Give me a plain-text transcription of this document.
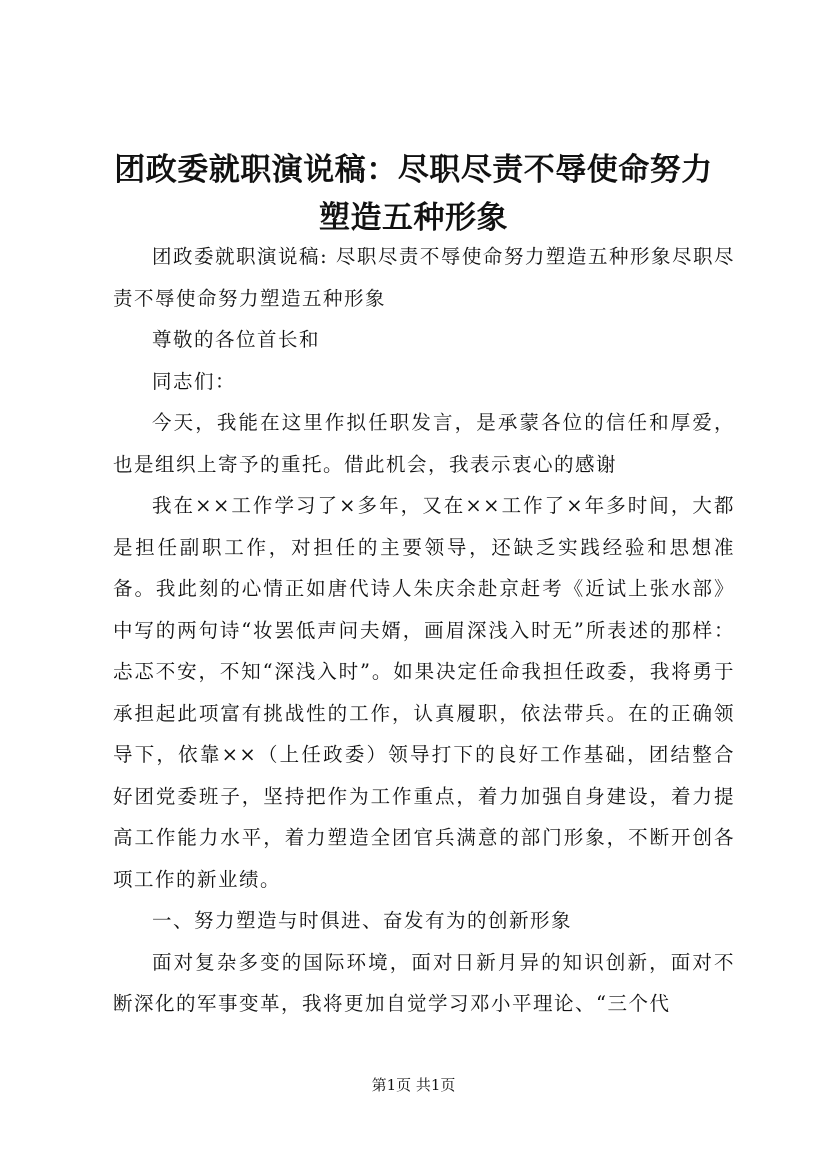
团政委就职演说稿：尽职尽责不辱使命努力塑造五种形象

团政委就职演说稿: 尽职尽责不辱使命努力塑造五种形象尽职尽责不辱使命努力塑造五种形象

尊敬的各位首长和

同志们：

今天，我能在这里作拟任职发言，是承蒙各位的信任和厚爱，也是组织上寄予的重托。借此机会，我表示衷心的感谢

我在××工作学习了×多年，又在××工作了×年多时间，大都是担任副职工作，对担任的主要领导，还缺乏实践经验和思想准备。我此刻的心情正如唐代诗人朱庆余赴京赶考《近试上张水部》中写的两句诗“妆罢低声问夫婿，画眉深浅入时无”所表述的那样：忐忑不安，不知“深浅入时”。如果决定任命我担任政委，我将勇于承担起此项富有挑战性的工作，认真履职，依法带兵。在的正确领导下，依靠××（上任政委）领导打下的良好工作基础，团结整合好团党委班子，坚持把作为工作重点，着力加强自身建设，着力提高工作能力水平，着力塑造全团官兵满意的部门形象，不断开创各项工作的新业绩。

一、努力塑造与时俱进、奋发有为的创新形象

面对复杂多变的国际环境，面对日新月异的知识创新，面对不断深化的军事变革，我将更加自觉学习邓小平理论、“三个代

第1页 共1页
